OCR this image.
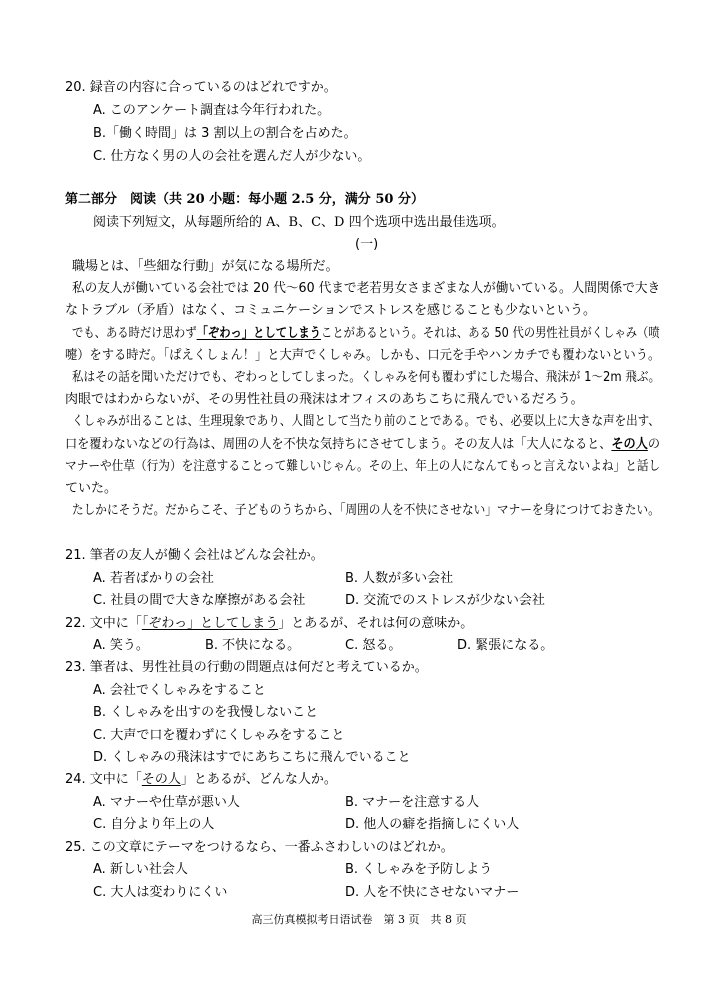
20. 録音の内容に合っているのはどれですか。
A. このアンケート調査は今年行われた。
B.「働く時間」は 3 割以上の割合を占めた。
C. 仕方なく男の人の会社を選んだ人が少ない。
第二部分　阅读（共 20 小题：每小题 2.5 分，满分 50 分）
阅读下列短文，从每题所给的 A、B、C、D 四个选项中选出最佳选项。
(一)
職場とは、「些細な行動」が気になる場所だ。
私の友人が働いている会社では 20 代～60 代まで老若男女さまざまな人が働いている。人間関係で大き
なトラブル（矛盾）はなく、コミュニケーションでストレスを感じることも少ないという。
でも、ある時だけ思わず「ぞわっ」としてしまうことがあるという。それは、ある 50 代の男性社員がくしゃみ（喷
嚏）をする時だ。「ぱえくしょん！」と大声でくしゃみ。しかも、口元を手やハンカチでも覆わないという。
私はその話を聞いただけでも、ぞわっとしてしまった。くしゃみを何も覆わずにした場合、飛沫が 1～2m 飛ぶ。
肉眼ではわからないが、その男性社員の飛沫はオフィスのあちこちに飛んでいるだろう。
くしゃみが出ることは、生理現象であり、人間として当たり前のことである。でも、必要以上に大きな声を出す、
口を覆わないなどの行為は、周囲の人を不快な気持ちにさせてしまう。その友人は「大人になると、その人の
マナーや仕草（行为）を注意することって難しいじゃん。その上、年上の人になんてもっと言えないよね」と話し
ていた。
たしかにそうだ。だからこそ、子どものうちから、「周囲の人を不快にさせない」マナーを身につけておきたい。
21. 筆者の友人が働く会社はどんな会社か。
A. 若者ばかりの会社	B. 人数が多い会社
C. 社員の間で大きな摩擦がある会社	D. 交流でのストレスが少ない会社
22. 文中に「「ぞわっ」としてしまう」とあるが、それは何の意味か。
A. 笑う。	B. 不快になる。	C. 怒る。	D. 緊張になる。
23. 筆者は、男性社員の行動の問題点は何だと考えているか。
A. 会社でくしゃみをすること
B. くしゃみを出すのを我慢しないこと
C. 大声で口を覆わずにくしゃみをすること
D. くしゃみの飛沫はすでにあちこちに飛んでいること
24. 文中に「その人」とあるが、どんな人か。
A. マナーや仕草が悪い人	B. マナーを注意する人
C. 自分より年上の人	D. 他人の癖を指摘しにくい人
25. この文章にテーマをつけるなら、一番ふさわしいのはどれか。
A. 新しい社会人	B. くしゃみを予防しよう
C. 大人は変わりにくい	D. 人を不快にさせないマナー
高三仿真模拟考日语试卷　第 3 页　共 8 页
